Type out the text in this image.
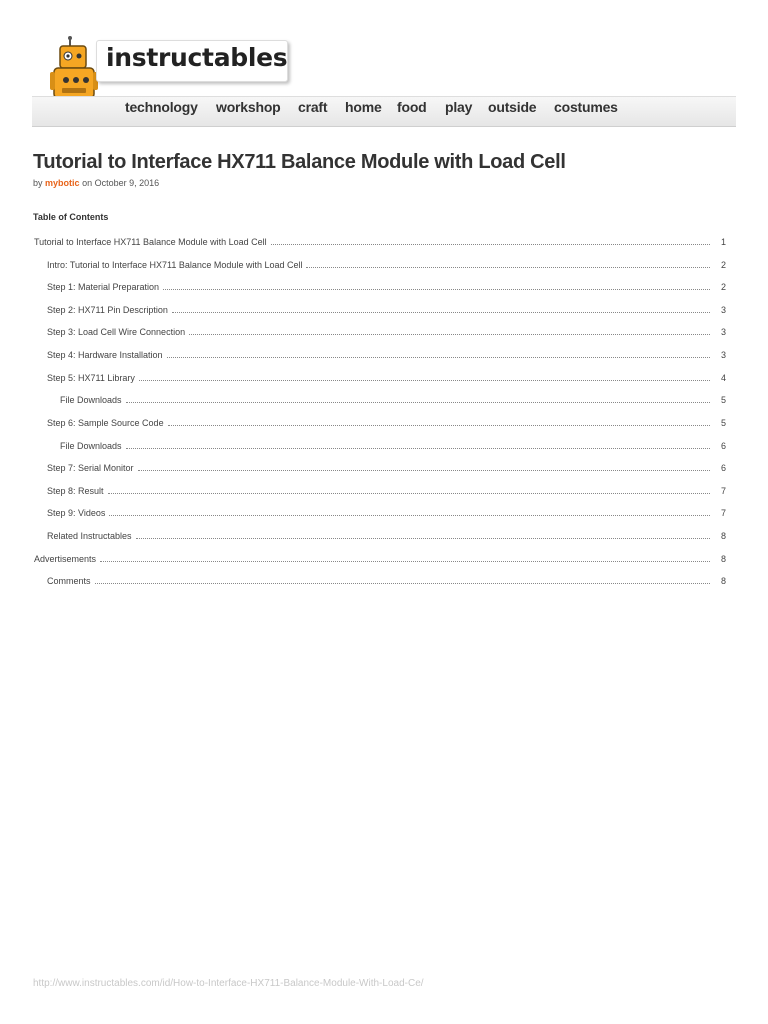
instructables
technology workshop craft home food play outside costumes
Tutorial to Interface HX711 Balance Module with Load Cell
by mybotic on October 9, 2016
Table of Contents
Tutorial to Interface HX711 Balance Module with Load Cell	1
Intro: Tutorial to Interface HX711 Balance Module with Load Cell	2
Step 1: Material Preparation	2
Step 2: HX711 Pin Description	3
Step 3: Load Cell Wire Connection	3
Step 4: Hardware Installation	3
Step 5: HX711 Library	4
File Downloads	5
Step 6: Sample Source Code	5
File Downloads	6
Step 7: Serial Monitor	6
Step 8: Result	7
Step 9: Videos	7
Related Instructables	8
Advertisements	8
Comments	8
http://www.instructables.com/id/How-to-Interface-HX711-Balance-Module-With-Load-Ce/
